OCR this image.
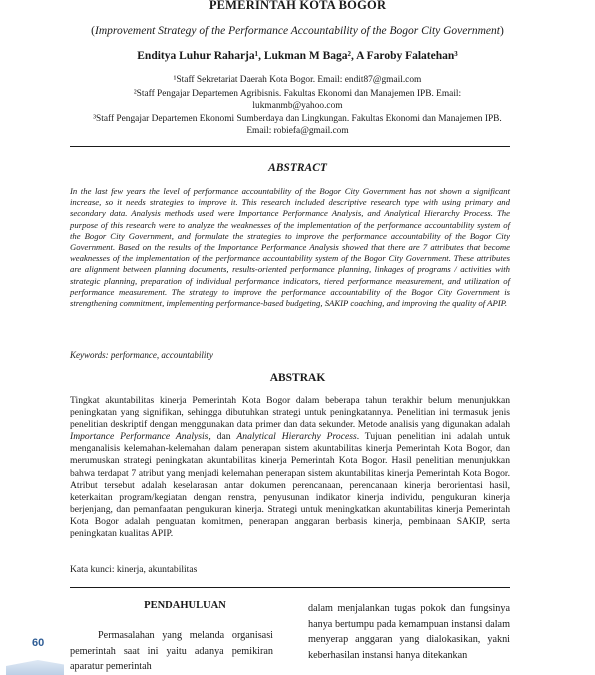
PEMERINTAH KOTA BOGOR
(Improvement Strategy of the Performance Accountability of the Bogor City Government)
Enditya Luhur Raharja¹, Lukman M Baga², A Faroby Falatehan³
¹Staff Sekretariat Daerah Kota Bogor. Email: endit87@gmail.com
²Staff Pengajar Departemen Agribisnis. Fakultas Ekonomi dan Manajemen IPB. Email: lukmanmb@yahoo.com
³Staff Pengajar Departemen Ekonomi Sumberdaya dan Lingkungan. Fakultas Ekonomi dan Manajemen IPB. Email: robiefa@gmail.com
ABSTRACT
In the last few years the level of performance accountability of the Bogor City Government has not shown a significant increase, so it needs strategies to improve it. This research included descriptive research type with using primary and secondary data. Analysis methods used were Importance Performance Analysis, and Analytical Hierarchy Process. The purpose of this research were to analyze the weaknesses of the implementation of the performance accountability system of the Bogor City Government, and formulate the strategies to improve the performance accountability of the Bogor City Government. Based on the results of the Importance Performance Analysis showed that there are 7 attributes that become weaknesses of the implementation of the performance accountability system of the Bogor City Government. These attributes are alignment between planning documents, results-oriented performance planning, linkages of programs / activities with strategic planning, preparation of individual performance indicators, tiered performance measurement, and utilization of performance measurement. The strategy to improve the performance accountability of the Bogor City Government is strengthening commitment, implementing performance-based budgeting, SAKIP coaching, and improving the quality of APIP.
Keywords: performance, accountability
ABSTRAK
Tingkat akuntabilitas kinerja Pemerintah Kota Bogor dalam beberapa tahun terakhir belum menunjukkan peningkatan yang signifikan, sehingga dibutuhkan strategi untuk peningkatannya. Penelitian ini termasuk jenis penelitian deskriptif dengan menggunakan data primer dan data sekunder. Metode analisis yang digunakan adalah Importance Performance Analysis, dan Analytical Hierarchy Process. Tujuan penelitian ini adalah untuk menganalisis kelemahan-kelemahan dalam penerapan sistem akuntabilitas kinerja Pemerintah Kota Bogor, dan merumuskan strategi peningkatan akuntabilitas kinerja Pemerintah Kota Bogor. Hasil penelitian menunjukkan bahwa terdapat 7 atribut yang menjadi kelemahan penerapan sistem akuntabilitas kinerja Pemerintah Kota Bogor. Atribut tersebut adalah keselarasan antar dokumen perencanaan, perencanaan kinerja berorientasi hasil, keterkaitan program/kegiatan dengan renstra, penyusunan indikator kinerja individu, pengukuran kinerja berjenjang, dan pemanfaatan pengukuran kinerja. Strategi untuk meningkatkan akuntabilitas kinerja Pemerintah Kota Bogor adalah penguatan komitmen, penerapan anggaran berbasis kinerja, pembinaan SAKIP, serta peningkatan kualitas APIP.
Kata kunci: kinerja, akuntabilitas
PENDAHULUAN
Permasalahan yang melanda organisasi pemerintah saat ini yaitu adanya pemikiran aparatur pemerintah
dalam menjalankan tugas pokok dan fungsinya hanya bertumpu pada kemampuan instansi dalam menyerap anggaran yang dialokasikan, yakni keberhasilan instansi hanya ditekankan
60
